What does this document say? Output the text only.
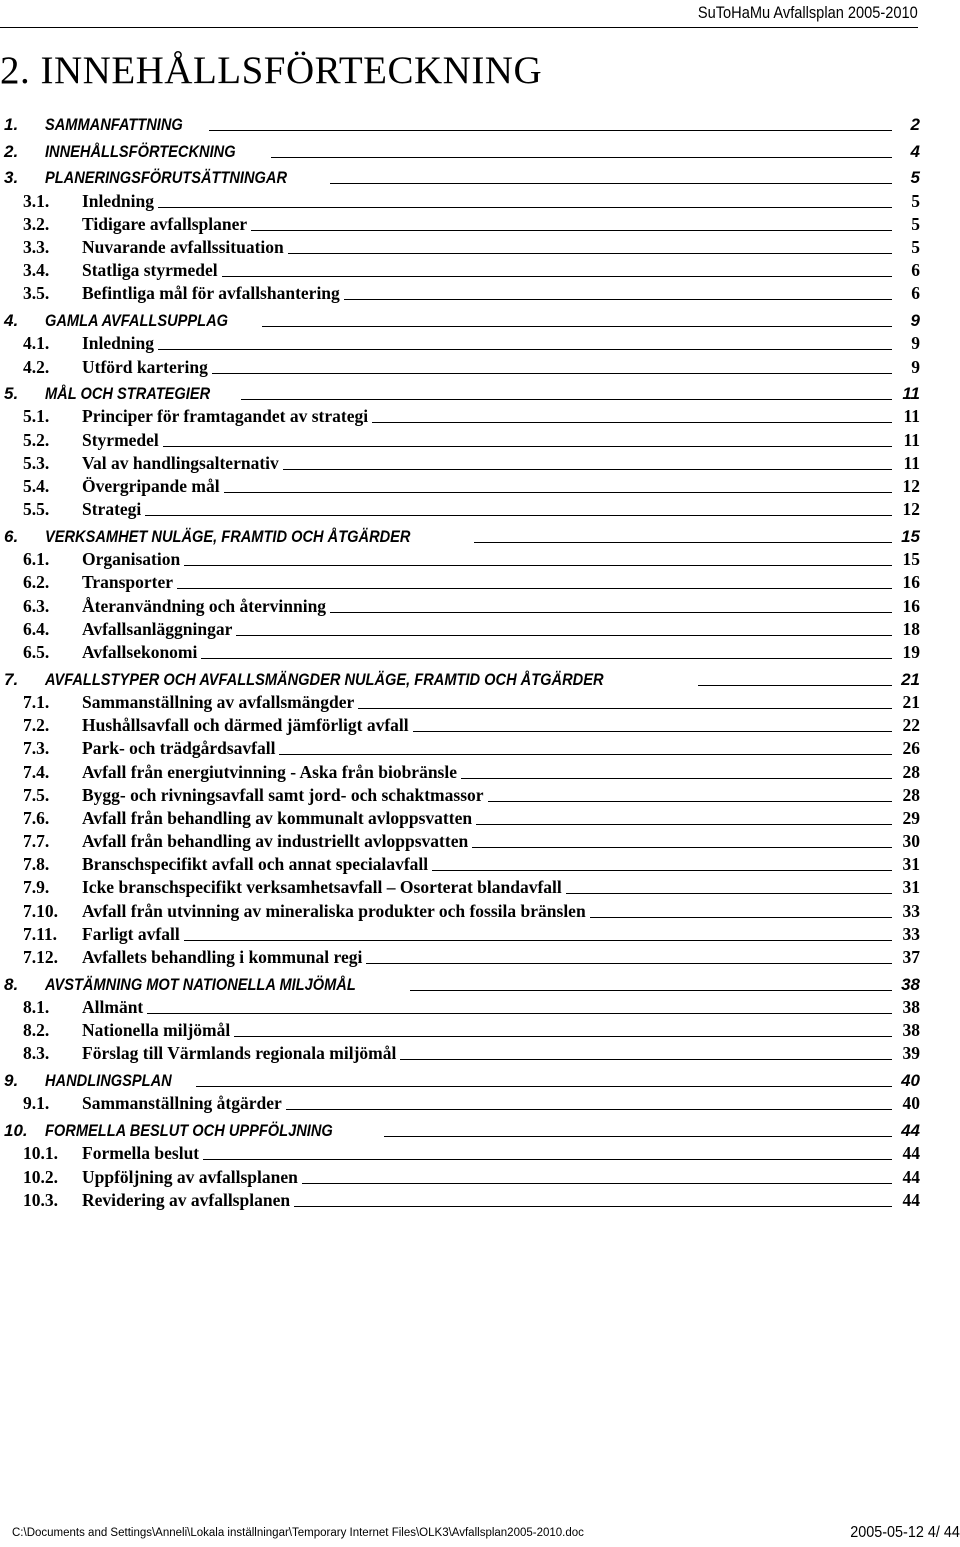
SuToHaMu Avfallsplan 2005-2010
2. INNEHÅLLSFÖRTECKNING
1.	SAMMANFATTNING	2
2.	INNEHÅLLSFÖRTECKNING	4
3.	PLANERINGSFÖRUTSÄTTNINGAR	5
3.1.	Inledning	5
3.2.	Tidigare avfallsplaner	5
3.3.	Nuvarande avfallssituation	5
3.4.	Statliga styrmedel	6
3.5.	Befintliga mål för avfallshantering	6
4.	GAMLA AVFALLSUPPLAG	9
4.1.	Inledning	9
4.2.	Utförd kartering	9
5.	MÅL OCH STRATEGIER	11
5.1.	Principer för framtagandet av strategi	11
5.2.	Styrmedel	11
5.3.	Val av handlingsalternativ	11
5.4.	Övergripande mål	12
5.5.	Strategi	12
6.	VERKSAMHET NULÄGE, FRAMTID OCH ÅTGÄRDER	15
6.1.	Organisation	15
6.2.	Transporter	16
6.3.	Återanvändning och återvinning	16
6.4.	Avfallsanläggningar	18
6.5.	Avfallsekonomi	19
7.	AVFALLSTYPER OCH AVFALLSMÄNGDER NULÄGE, FRAMTID OCH ÅTGÄRDER	21
7.1.	Sammanställning av avfallsmängder	21
7.2.	Hushållsavfall och därmed jämförligt avfall	22
7.3.	Park- och trädgårdsavfall	26
7.4.	Avfall från energiutvinning - Aska från biobränsle	28
7.5.	Bygg- och rivningsavfall samt jord- och schaktmassor	28
7.6.	Avfall från behandling av kommunalt avloppsvatten	29
7.7.	Avfall från behandling av industriellt avloppsvatten	30
7.8.	Branschspecifikt avfall och annat specialavfall	31
7.9.	Icke branschspecifikt verksamhetsavfall – Osorterat blandavfall	31
7.10.	Avfall från utvinning av mineraliska produkter och fossila bränslen	33
7.11.	Farligt avfall	33
7.12.	Avfallets behandling i kommunal regi	37
8.	AVSTÄMNING MOT NATIONELLA MILJÖMÅL	38
8.1.	Allmänt	38
8.2.	Nationella miljömål	38
8.3.	Förslag till Värmlands regionala miljömål	39
9.	HANDLINGSPLAN	40
9.1.	Sammanställning åtgärder	40
10.	FORMELLA BESLUT OCH UPPFÖLJNING	44
10.1.	Formella beslut	44
10.2.	Uppföljning av avfallsplanen	44
10.3.	Revidering av avfallsplanen	44
C:\Documents and Settings\Anneli\Lokala inställningar\Temporary Internet Files\OLK3\Avfallsplan2005-2010.doc	2005-05-12 4/ 44
